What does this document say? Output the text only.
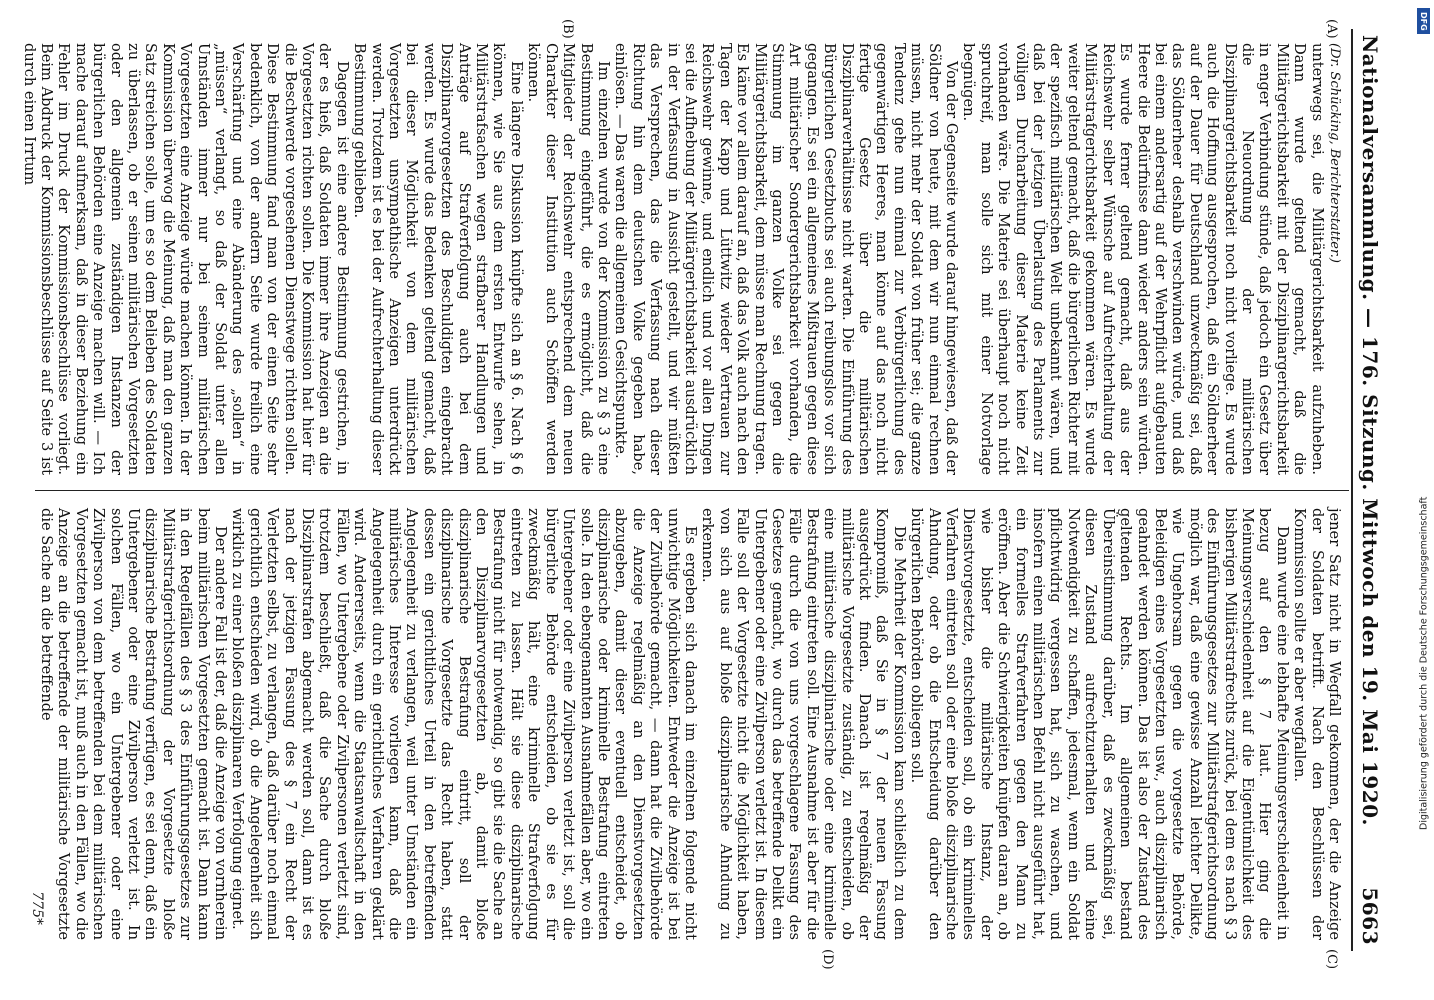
Nationalversammlung. — 176. Sitzung. Mittwoch den 19. Mai 1920.
5663
(A)
(B)
(C)
(D)

(Dr. Schücking, Berichterstatter.)

unterwegs sei, die Militärgerichtsbarkeit aufzuheben. Dann wurde geltend gemacht, daß die Militärgerichtsbarkeit mit der Disziplinargerichtsbarkeit in enger Verbindung stünde, daß jedoch ein Gesetz über die Neuordnung der militärischen Disziplinargerichtsbarkeit noch nicht vorliege. Es wurde auch die Hoffnung ausgesprochen, daß ein Söldnerheer auf der Dauer für Deutschland unzweckmäßig sei, daß das Söldnerheer deshalb verschwinden würde, und daß bei einem andersartig auf der Wehrpflicht aufgebauten Heere die Bedürfnisse dann wieder anders sein würden. Es wurde ferner geltend gemacht, daß aus der Reichswehr selber Wünsche auf Aufrechterhaltung der Militärstrafgerichtsbarkeit gekommen wären. Es wurde weiter geltend gemacht, daß die bürgerlichen Richter mit der spezifisch militärischen Welt unbekannt wären, und daß bei der jetzigen Überlastung des Parlaments zur völligen Durcharbeitung dieser Materie keine Zeit vorhanden wäre. Die Materie sei überhaupt noch nicht spruchreif, man solle sich mit einer Notvorlage begnügen.

Von der Gegenseite wurde darauf hingewiesen, daß der Söldner von heute, mit dem wir nun einmal rechnen müssen, nicht mehr der Soldat von früher sei; die ganze Tendenz gehe nun einmal zur Verbürgerlichung des gegenwärtigen Heeres, man könne auf das noch nicht fertige Gesetz über die militärischen Disziplinarverhältnisse nicht warten. Die Einführung des Bürgerlichen Gesetzbuchs sei auch reibungslos vor sich gegangen. Es sei ein allgemeines Mißtrauen gegen diese Art militärischer Sondergerichtsbarkeit vorhanden, die Stimmung im ganzen Volke sei gegen die Militärgerichtsbarkeit, dem müsse man Rechnung tragen. Es käme vor allem darauf an, daß das Volk auch nach den Tagen der Kapp und Lüttwitz wieder Vertrauen zur Reichswehr gewinne, und endlich und vor allen Dingen sei die Aufhebung der Militärgerichtsbarkeit ausdrücklich in der Verfassung in Aussicht gestellt, und wir müßten das Versprechen, das die Verfassung nach dieser Richtung hin dem deutschen Volke gegeben habe, einlösen. — Das waren die allgemeinen Gesichtspunkte.

Im einzelnen wurde von der Kommission zu § 3 eine Bestimmung eingeführt, die es ermöglicht, daß die Mitglieder der Reichswehr entsprechend dem neuen Charakter dieser Institution auch Schöffen werden können.

Eine längere Diskussion knüpfte sich an § 6. Nach § 6 können, wie Sie aus dem ersten Entwurfe sehen, in Militärstrafsachen wegen strafbarer Handlungen und Anträge auf Strafverfolgung auch bei dem Disziplinarvorgesetzten des Beschuldigten eingebracht werden. Es wurde das Bedenken geltend gemacht, daß bei dieser Möglichkeit von dem militärischen Vorgesetzten unsympathische Anzeigen unterdrückt werden. Trotzdem ist es bei der Aufrechterhaltung dieser Bestimmung geblieben.

Dagegen ist eine andere Bestimmung gestrichen, in der es hieß, daß Soldaten immer ihre Anzeigen an die Vorgesetzten richten sollen. Die Kommission hat hier für die Beschwerde vorgesehenen Dienstwege richten sollen. Diese Bestimmung fand man von der einen Seite sehr bedenklich, von der andern Seite wurde freilich eine Verschärfung und eine Abänderung des „sollen“ in „müssen“ verlangt, so daß der Soldat unter allen Umständen immer nur bei seinem militärischen Vorgesetzten eine Anzeige würde machen können. In der Kommission überwog die Meinung, daß man den ganzen Satz streichen solle, um es so dem Belieben des Soldaten zu überlassen, ob er seinen militärischen Vorgesetzten oder den allgemein zuständigen Instanzen der bürgerlichen Behörden eine Anzeige machen will. — Ich mache darauf aufmerksam, daß in dieser Beziehung ein Fehler im Druck der Kommissionsbeschlüsse vorliegt. Beim Abdruck der Kommissionsbeschlüsse auf Seite 3 ist durch einen Irrtum

jener Satz nicht in Wegfall gekommen, der die Anzeige der Soldaten betrifft. Nach den Beschlüssen der Kommission sollte er aber wegfallen.

Dann wurde eine lebhafte Meinungsverschiedenheit in bezug auf den § 7 laut. Hier ging die Meinungsverschiedenheit auf die Eigentümlichkeit des bisherigen Militärstrafrechts zurück, bei dem es nach § 3 des Einführungsgesetzes zur Militärstrafgerichtsordnung möglich war, daß eine gewisse Anzahl leichter Delikte, wie Ungehorsam gegen die vorgesetzte Behörde, Beleidigen eines Vorgesetzten usw., auch disziplinarisch geahndet werden können. Das ist also der Zustand des geltenden Rechts. Im allgemeinen bestand Übereinstimmung darüber, daß es zweckmäßig sei, diesen Zustand aufrechtzuerhalten und keine Notwendigkeit zu schaffen, jedesmal, wenn ein Soldat pflichtwidrig vergessen hat, sich zu waschen, und insofern einen militärischen Befehl nicht ausgeführt hat, ein formelles Strafverfahren gegen den Mann zu eröffnen. Aber die Schwierigkeiten knüpfen daran an, ob wie bisher die militärische Instanz, der Dienstvorgesetzte, entscheiden soll, ob ein kriminelles Verfahren eintreten soll oder eine bloße disziplinarische Ahndung, oder ob die Entscheidung darüber den bürgerlichen Behörden obliegen soll.

Die Mehrheit der Kommission kam schließlich zu dem Kompromiß, daß Sie in § 7 der neuen Fassung ausgedrückt finden. Danach ist regelmäßig der militärische Vorgesetzte zuständig, zu entscheiden, ob eine militärische disziplinarische oder eine kriminelle Bestrafung eintreten soll. Eine Ausnahme ist aber für die Fälle durch die von uns vorgeschlagene Fassung des Gesetzes gemacht, wo durch das betreffende Delikt ein Untergebener oder eine Zivilperson verletzt ist. In diesem Falle soll der Vorgesetzte nicht die Möglichkeit haben, von sich aus auf bloße disziplinarische Ahndung zu erkennen.

Es ergeben sich danach im einzelnen folgende nicht unwichtige Möglichkeiten. Entweder die Anzeige ist bei der Zivilbehörde gemacht, — dann hat die Zivilbehörde die Anzeige regelmäßig an den Dienstvorgesetzten abzugeben, damit dieser eventuell entscheidet, ob disziplinarische oder kriminelle Bestrafung eintreten solle. In den ebengenannten Ausnahmefällen aber, wo ein Untergebener oder eine Zivilperson verletzt ist, soll die bürgerliche Behörde entscheiden, ob sie es für zweckmäßig hält, eine kriminelle Strafverfolgung eintreten zu lassen. Hält sie diese disziplinarische Bestrafung nicht für notwendig, so gibt sie die Sache an den Disziplinarvorgesetzten ab, damit bloße disziplinarische Bestrafung eintritt, soll der disziplinarische Vorgesetzte das Recht haben, statt dessen ein gerichtliches Urteil in den betreffenden Angelegenheit zu verlangen, weil unter Umständen ein militärisches Interesse vorliegen kann, daß die Angelegenheit durch ein gerichtliches Verfahren geklärt wird. Andererseits, wenn die Staatsanwaltschaft in den Fällen, wo Untergebene oder Zivilpersonen verletzt sind, trotzdem beschließt, daß die Sache durch bloße Disziplinarstrafen abgemacht werden soll, dann ist es nach der jetzigen Fassung des § 7 ein Recht der Verletzten selbst, zu verlangen, daß darüber noch einmal gerichtlich entschieden wird, ob die Angelegenheit sich wirklich zu einer bloßen disziplinaren Verfolgung eignet.

Der andere Fall ist der, daß die Anzeige von vornherein beim militärischen Vorgesetzten gemacht ist. Dann kann in den Regelfällen des § 3 des Einführungsgesetzes zur Militärstrafgerichtsordnung der Vorgesetzte bloße disziplinarische Bestrafung verfügen, es sei denn, daß ein Untergebener oder eine Zivilperson verletzt ist. In solchen Fällen, wo ein Untergebener oder eine Zivilperson von dem betreffenden bei dem militärischen Vorgesetzten gemacht ist, muß auch in den Fällen, wo die Anzeige an die betreffende der militärische Vorgesetzte die Sache an die betreffende

775*
DFG
Digitalisierung gefördert durch die Deutsche Forschungsgemeinschaft
